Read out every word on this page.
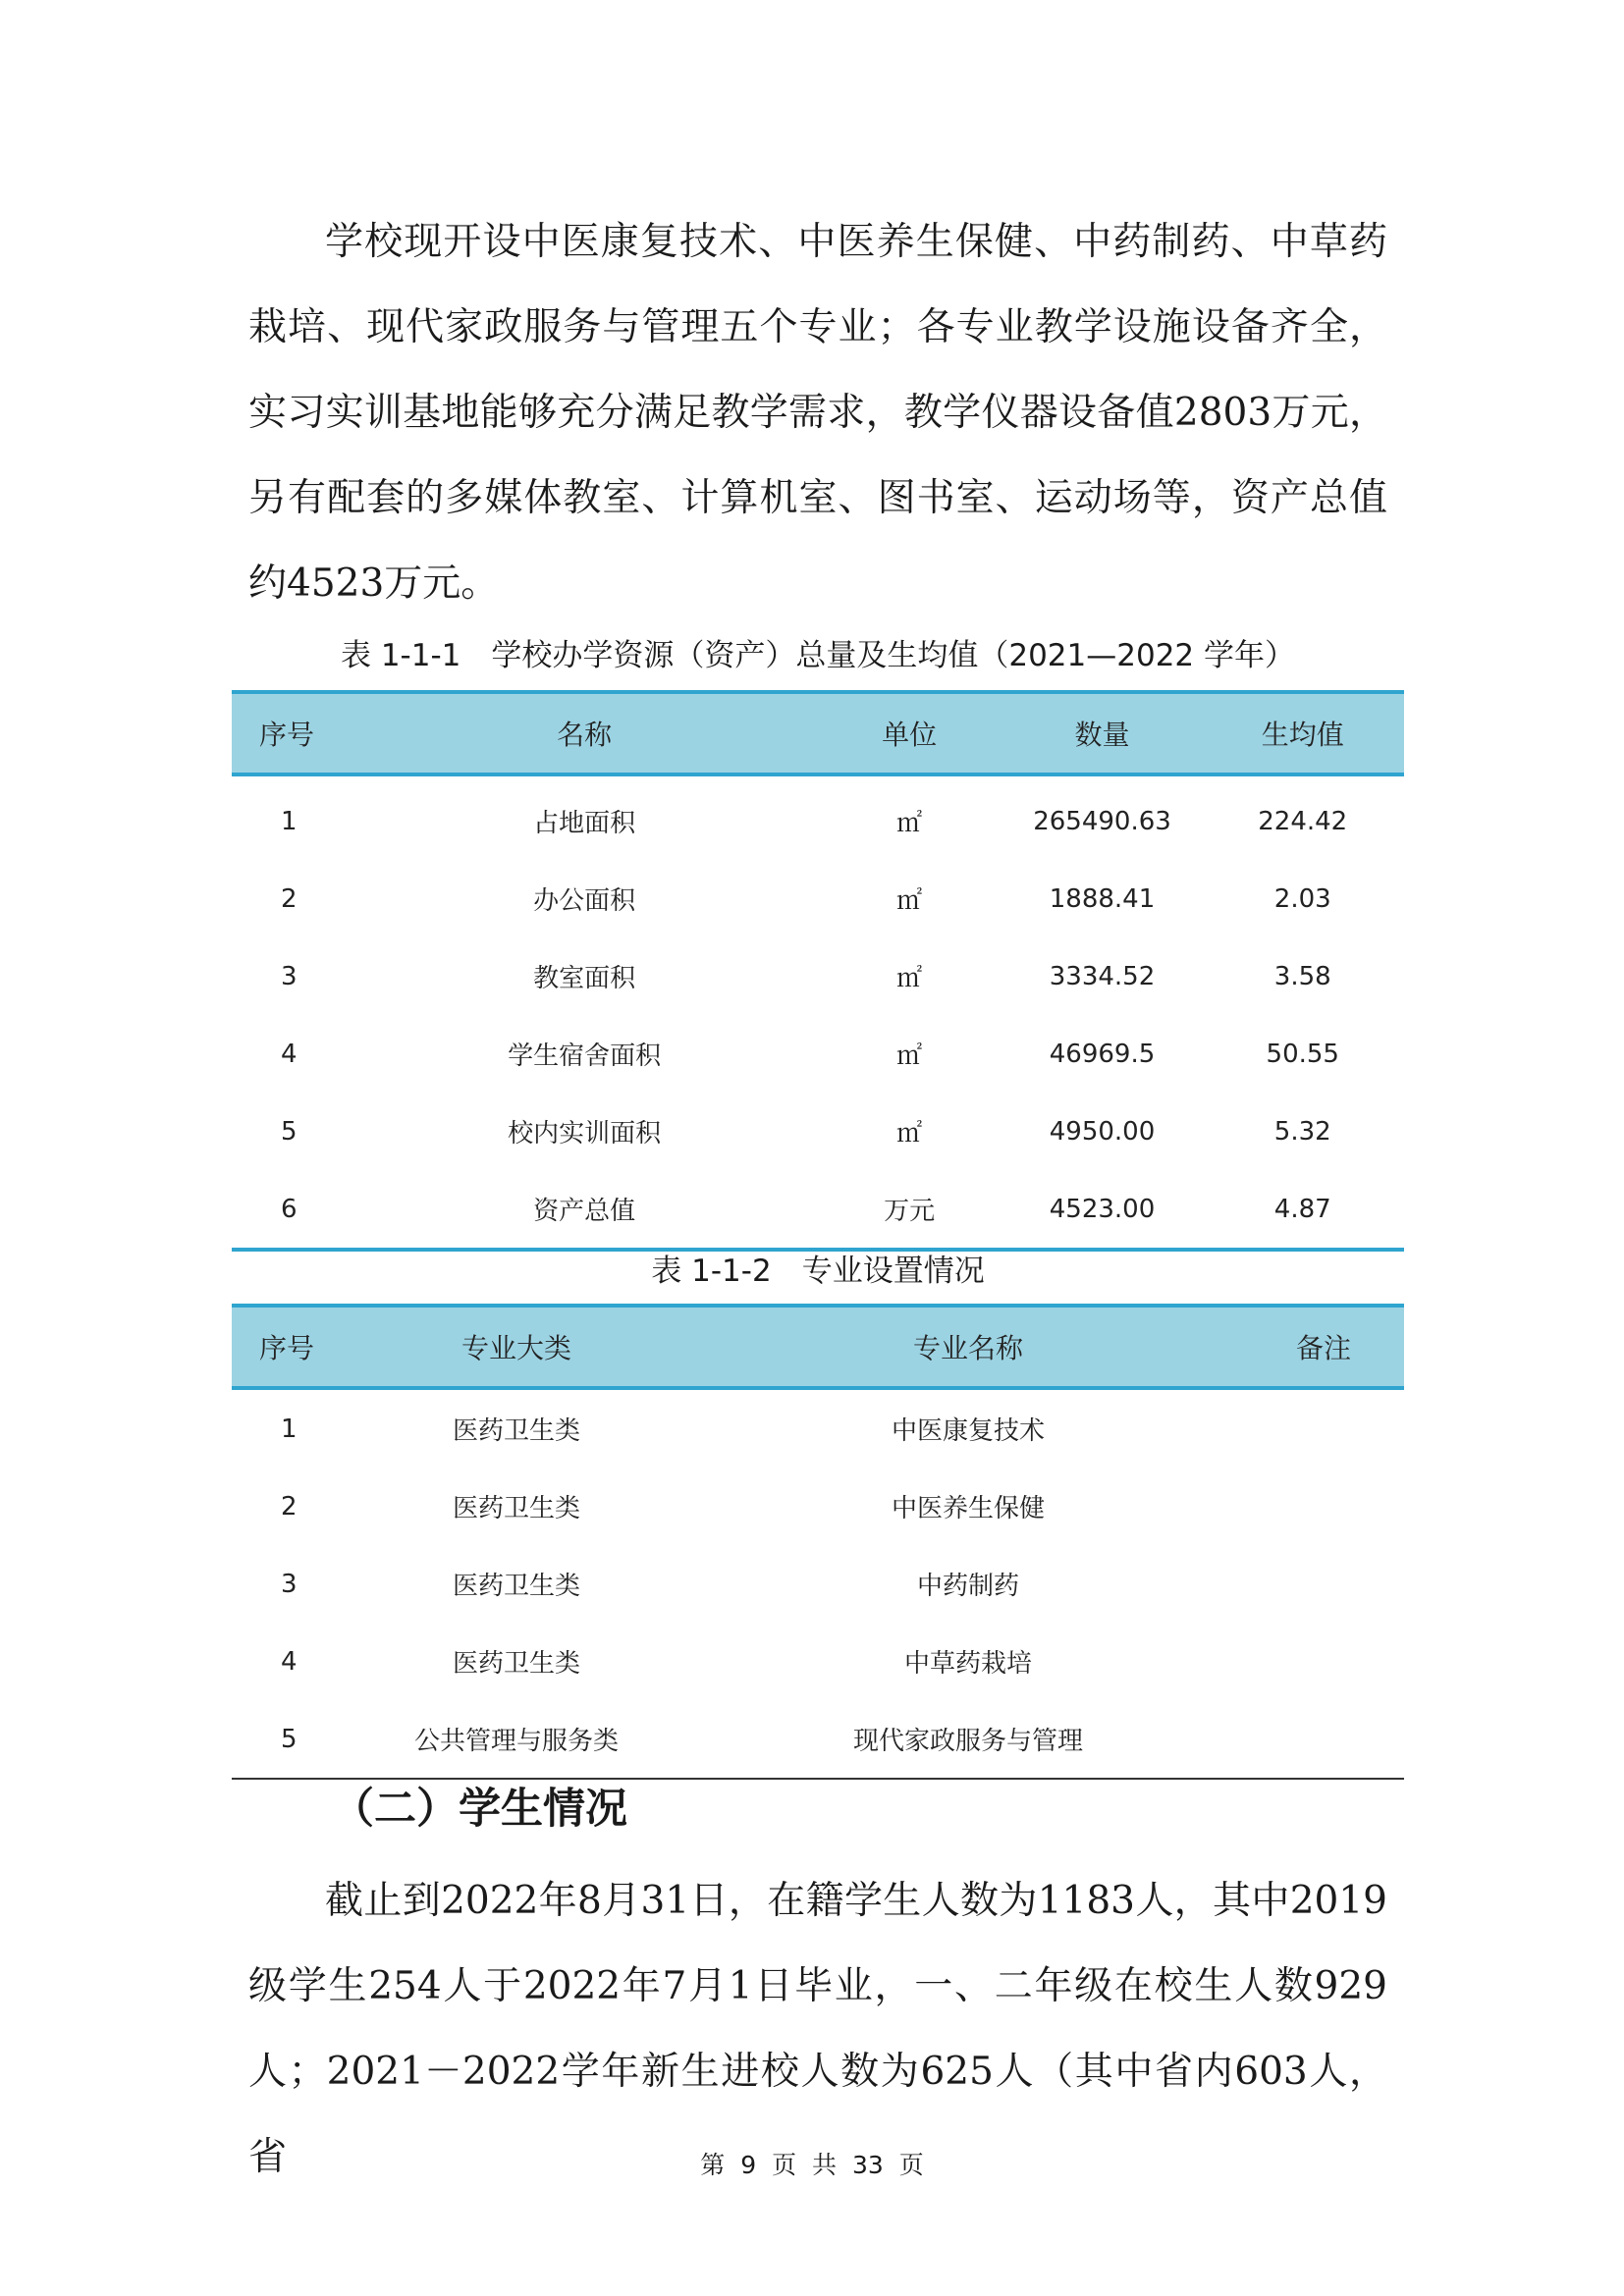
学校现开设中医康复技术、中医养生保健、中药制药、中草药栽培、现代家政服务与管理五个专业；各专业教学设施设备齐全，实习实训基地能够充分满足教学需求，教学仪器设备值2803万元，另有配套的多媒体教室、计算机室、图书室、运动场等，资产总值约4523万元。

表 1-1-1　学校办学资源（资产）总量及生均值（2021—2022 学年）
序号	名称	单位	数量	生均值
1	占地面积	㎡	265490.63	224.42
2	办公面积	㎡	1888.41	2.03
3	教室面积	㎡	3334.52	3.58
4	学生宿舍面积	㎡	46969.5	50.55
5	校内实训面积	㎡	4950.00	5.32
6	资产总值	万元	4523.00	4.87
表 1-1-2　专业设置情况
序号	专业大类	专业名称	备注
1	医药卫生类	中医康复技术	
2	医药卫生类	中医养生保健	
3	医药卫生类	中药制药	
4	医药卫生类	中草药栽培	
5	公共管理与服务类	现代家政服务与管理	
（二）学生情况

截止到2022年8月31日，在籍学生人数为1183人，其中2019级学生254人于2022年7月1日毕业，一、二年级在校生人数929人；2021－2022学年新生进校人数为625人（其中省内603人，省	第 9 页 共 33 页
